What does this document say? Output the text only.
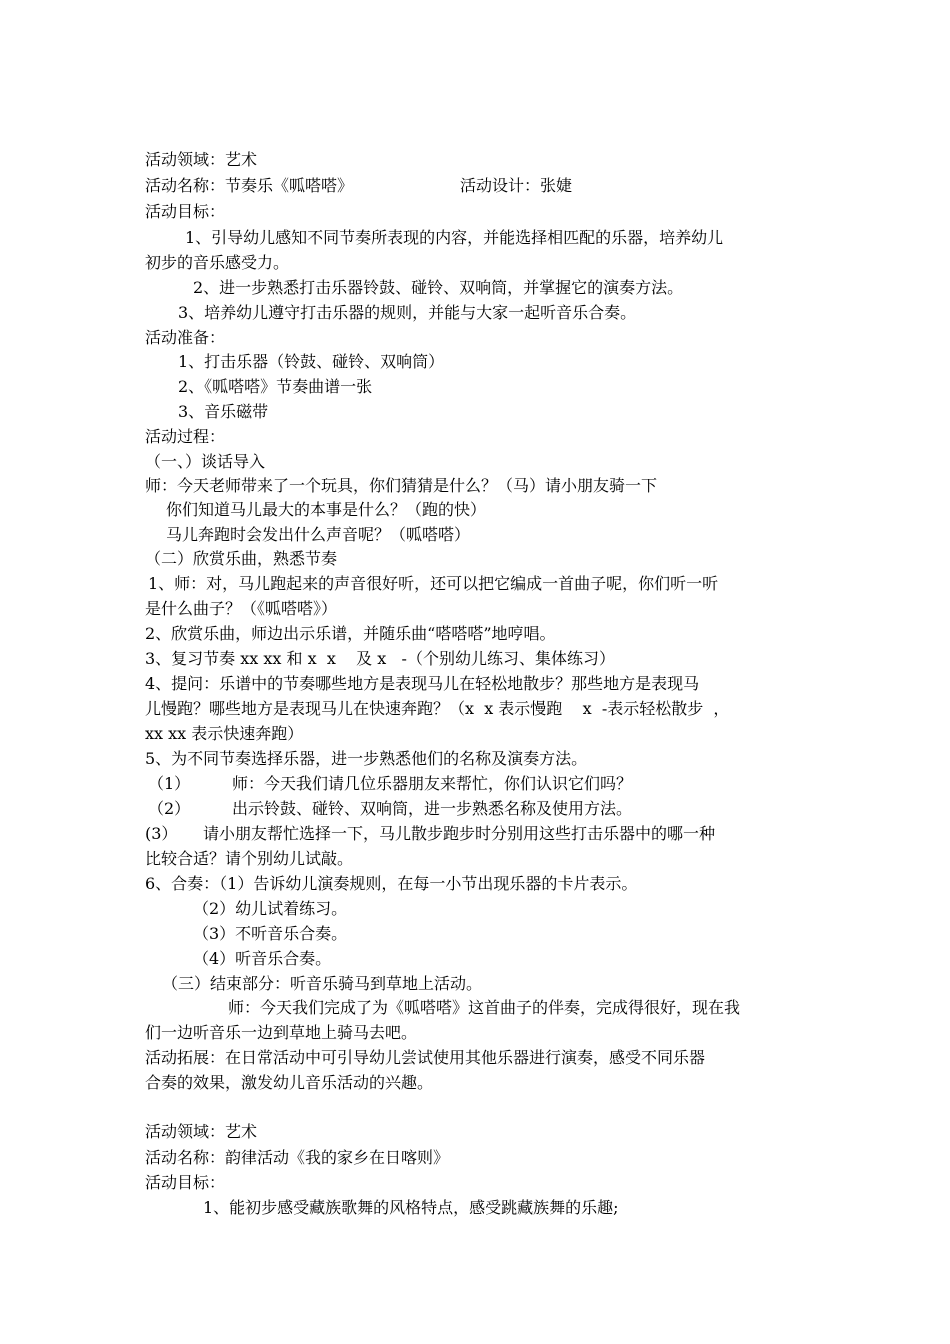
活动领域：艺术
活动名称：节奏乐《呱嗒嗒》	活动设计：张婕
活动目标：
1、引导幼儿感知不同节奏所表现的内容，并能选择相匹配的乐器，培养幼儿
初步的音乐感受力。
2、进一步熟悉打击乐器铃鼓、碰铃、双响筒，并掌握它的演奏方法。
3、培养幼儿遵守打击乐器的规则，并能与大家一起听音乐合奏。
活动准备：
1、打击乐器（铃鼓、碰铃、双响筒）
2、《呱嗒嗒》节奏曲谱一张
3、音乐磁带
活动过程：
（一、）谈话导入
师：今天老师带来了一个玩具，你们猜猜是什么？（马）请小朋友骑一下
你们知道马儿最大的本事是什么？（跑的快）
马儿奔跑时会发出什么声音呢？（呱嗒嗒）
（二）欣赏乐曲，熟悉节奏
1、师：对，马儿跑起来的声音很好听，还可以把它编成一首曲子呢，你们听一听
是什么曲子？（《呱嗒嗒》）
2、欣赏乐曲，师边出示乐谱，并随乐曲“嗒嗒嗒”地哼唱。
3、复习节奏 xx xx 和 x  x    及 x   -（个别幼儿练习、集体练习）
4、提问：乐谱中的节奏哪些地方是表现马儿在轻松地散步？那些地方是表现马
儿慢跑？哪些地方是表现马儿在快速奔跑？（x  x 表示慢跑    x  -表示轻松散步  ，
xx xx 表示快速奔跑）
5、为不同节奏选择乐器，进一步熟悉他们的名称及演奏方法。
（1）	师：今天我们请几位乐器朋友来帮忙，你们认识它们吗？
（2）	出示铃鼓、碰铃、双响筒，进一步熟悉名称及使用方法。
(3） 请小朋友帮忙选择一下，马儿散步跑步时分别用这些打击乐器中的哪一种
比较合适？请个别幼儿试敲。
6、合奏：（1）告诉幼儿演奏规则，在每一小节出现乐器的卡片表示。
（2）幼儿试着练习。
（3）不听音乐合奏。
（4）听音乐合奏。
（三）结束部分：听音乐骑马到草地上活动。
师：今天我们完成了为《呱嗒嗒》这首曲子的伴奏，完成得很好，现在我
们一边听音乐一边到草地上骑马去吧。
活动拓展：在日常活动中可引导幼儿尝试使用其他乐器进行演奏，感受不同乐器
合奏的效果，激发幼儿音乐活动的兴趣。
活动领域：艺术
活动名称：韵律活动《我的家乡在日喀则》
活动目标：
1、能初步感受藏族歌舞的风格特点，感受跳藏族舞的乐趣;
